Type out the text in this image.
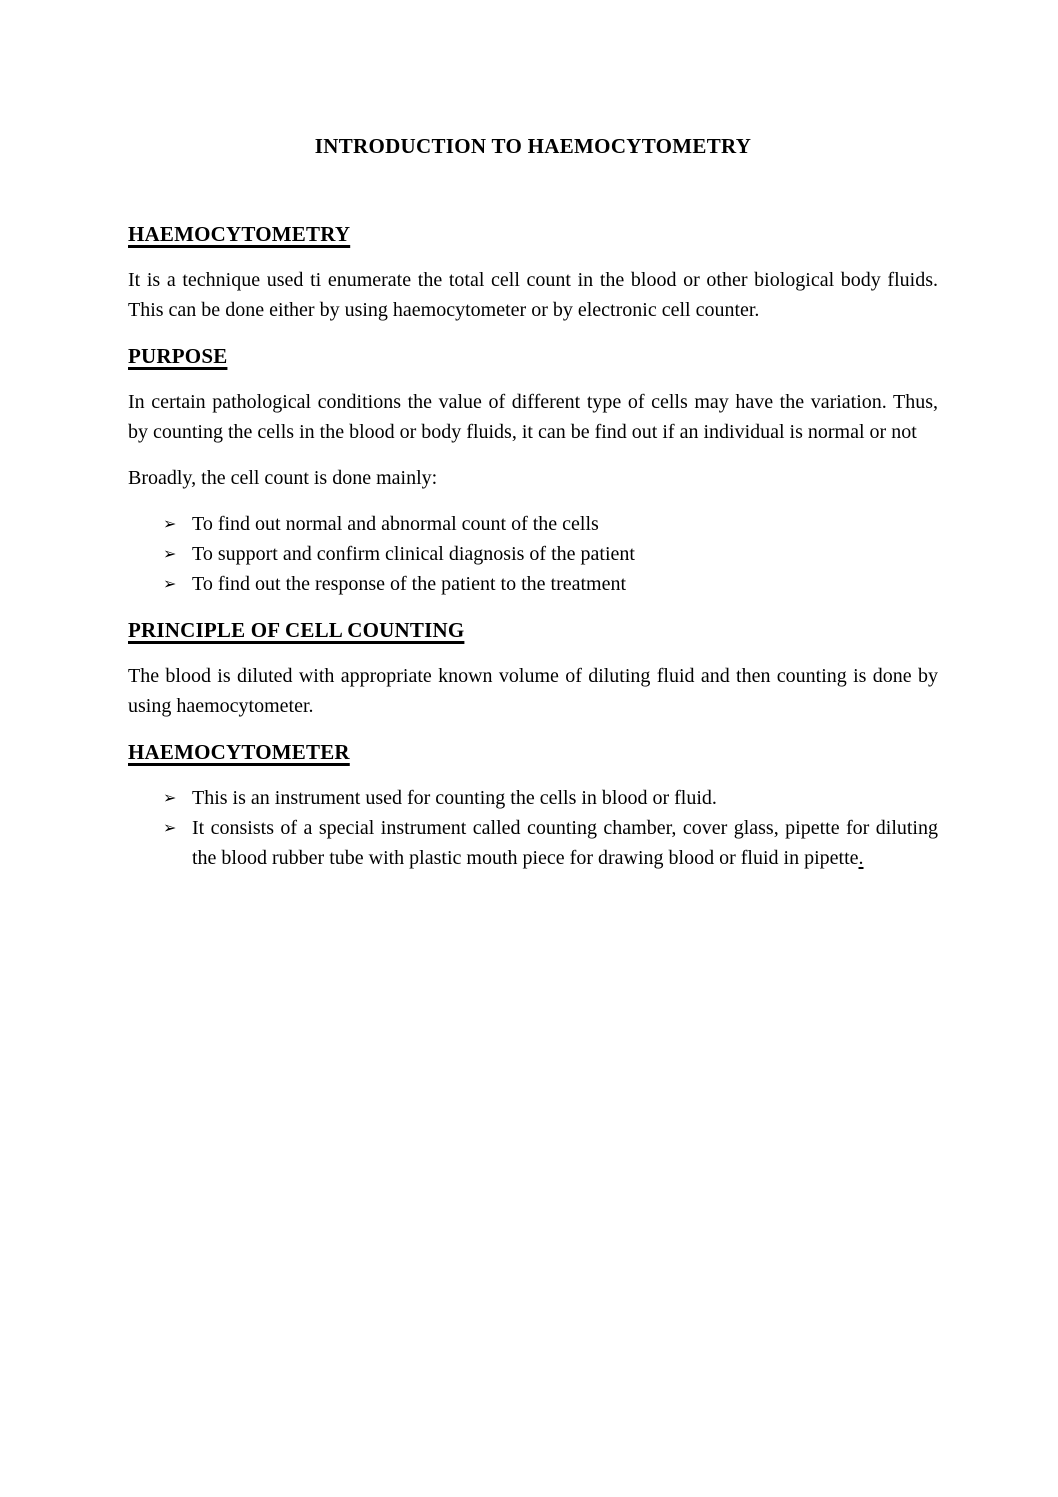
INTRODUCTION TO HAEMOCYTOMETRY
HAEMOCYTOMETRY

It is a technique used ti enumerate the total cell count in the blood or other biological body fluids. This can be done either by using haemocytometer or by electronic cell counter.

PURPOSE

In certain pathological conditions the value of different type of cells may have the variation. Thus, by counting the cells in the blood or body fluids, it can be find out if an individual is normal or not

Broadly, the cell count is done mainly:

➢ To find out normal and abnormal count of the cells
➢ To support and confirm clinical diagnosis of the patient
➢ To find out the response of the patient to the treatment
PRINCIPLE OF CELL COUNTING

The blood is diluted with appropriate known volume of diluting fluid and then counting is done by using haemocytometer.

HAEMOCYTOMETER
➢ This is an instrument used for counting the cells in blood or fluid.
➢ It consists of a special instrument called counting chamber, cover glass, pipette for diluting the blood rubber tube with plastic mouth piece for drawing blood or fluid in pipette.
